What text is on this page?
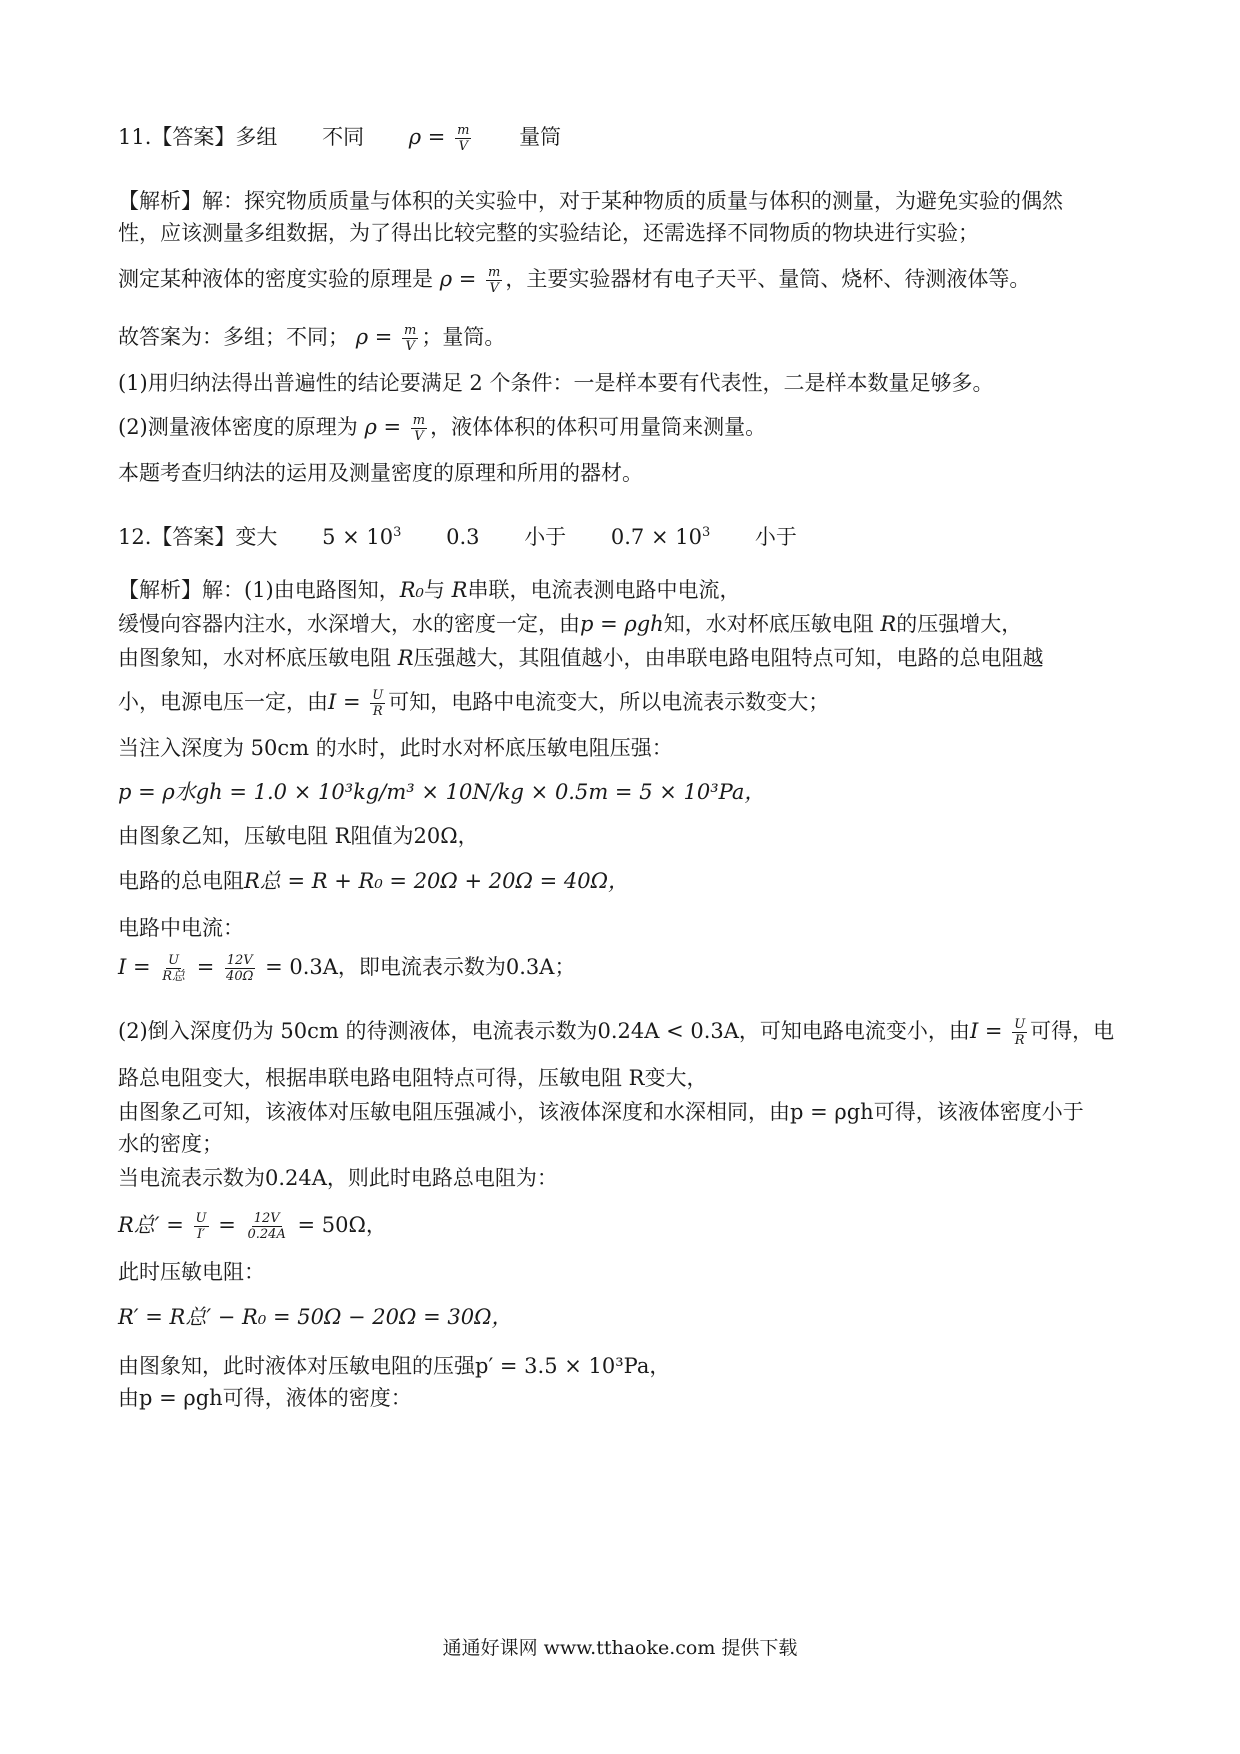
11.【答案】多组 不同 $\rho = \frac{m}{V}$ 量筒
【解析】解：探究物质质量与体积的关实验中，对于某种物质的质量与体积的测量，为避免实验的偶然
性，应该测量多组数据，为了得出比较完整的实验结论，还需选择不同物质的物块进行实验；
测定某种液体的密度实验的原理是 $\rho = \frac{m}{V}$ ，主要实验器材有电子天平、量筒、烧杯、待测液体等。
故答案为：多组；不同； $\rho = \frac{m}{V}$ ；量筒。
(1)用归纳法得出普遍性的结论要满足 2 个条件：一是样本要有代表性，二是样本数量足够多。
(2)测量液体密度的原理为 $\rho = \frac{m}{V}$ ，液体体积的体积可用量筒来测量。
本题考查归纳法的运用及测量密度的原理和所用的器材。
12.【答案】变大 $5 \times 10^3$ 0.3 小于 $0.7 \times 10^3$ 小于
【解析】解：(1)由电路图知，R₀与 R串联，电流表测电路中电流，
缓慢向容器内注水，水深增大，水的密度一定，由p = ρgh知，水对杯底压敏电阻 R的压强增大，
由图象知，水对杯底压敏电阻 R压强越大，其阻值越小，由串联电路电阻特点可知，电路的总电阻越
小，电源电压一定，由$I = \frac{U}{R}$ 可知，电路中电流变大，所以电流表示数变大；
当注入深度为 50cm 的水时，此时水对杯底压敏电阻压强：
p = ρ水gh = 1.0 × 10³kg/m³ × 10N/kg × 0.5m = 5 × 10³Pa，
由图象乙知，压敏电阻 R阻值为20Ω，
电路的总电阻R总 = R + R₀ = 20Ω + 20Ω = 40Ω，
电路中电流：
$I = \frac{U}{\text{R总}} = \frac{12V}{40\Omega} = 0.3A$，即电流表示数为0.3A；
(2)倒入深度仍为 50cm 的待测液体，电流表示数为0.24A < 0.3A，可知电路电流变小，由$I = \frac{U}{R}$ 可得，电
路总电阻变大，根据串联电路电阻特点可得，压敏电阻 R变大，
由图象乙可知，该液体对压敏电阻压强减小，该液体深度和水深相同，由p = ρgh可得，该液体密度小于
水的密度；
当电流表示数为0.24A，则此时电路总电阻为：
R总′ = $\frac{U}{I'} = \frac{12V}{0.24A} = 50\Omega$，
此时压敏电阻：
R′ = R总′ − R₀ = 50Ω − 20Ω = 30Ω，
由图象知，此时液体对压敏电阻的压强p′ = 3.5 × 10³Pa，
由p = ρgh可得，液体的密度：
通通好课网 www.tthaoke.com 提供下载
